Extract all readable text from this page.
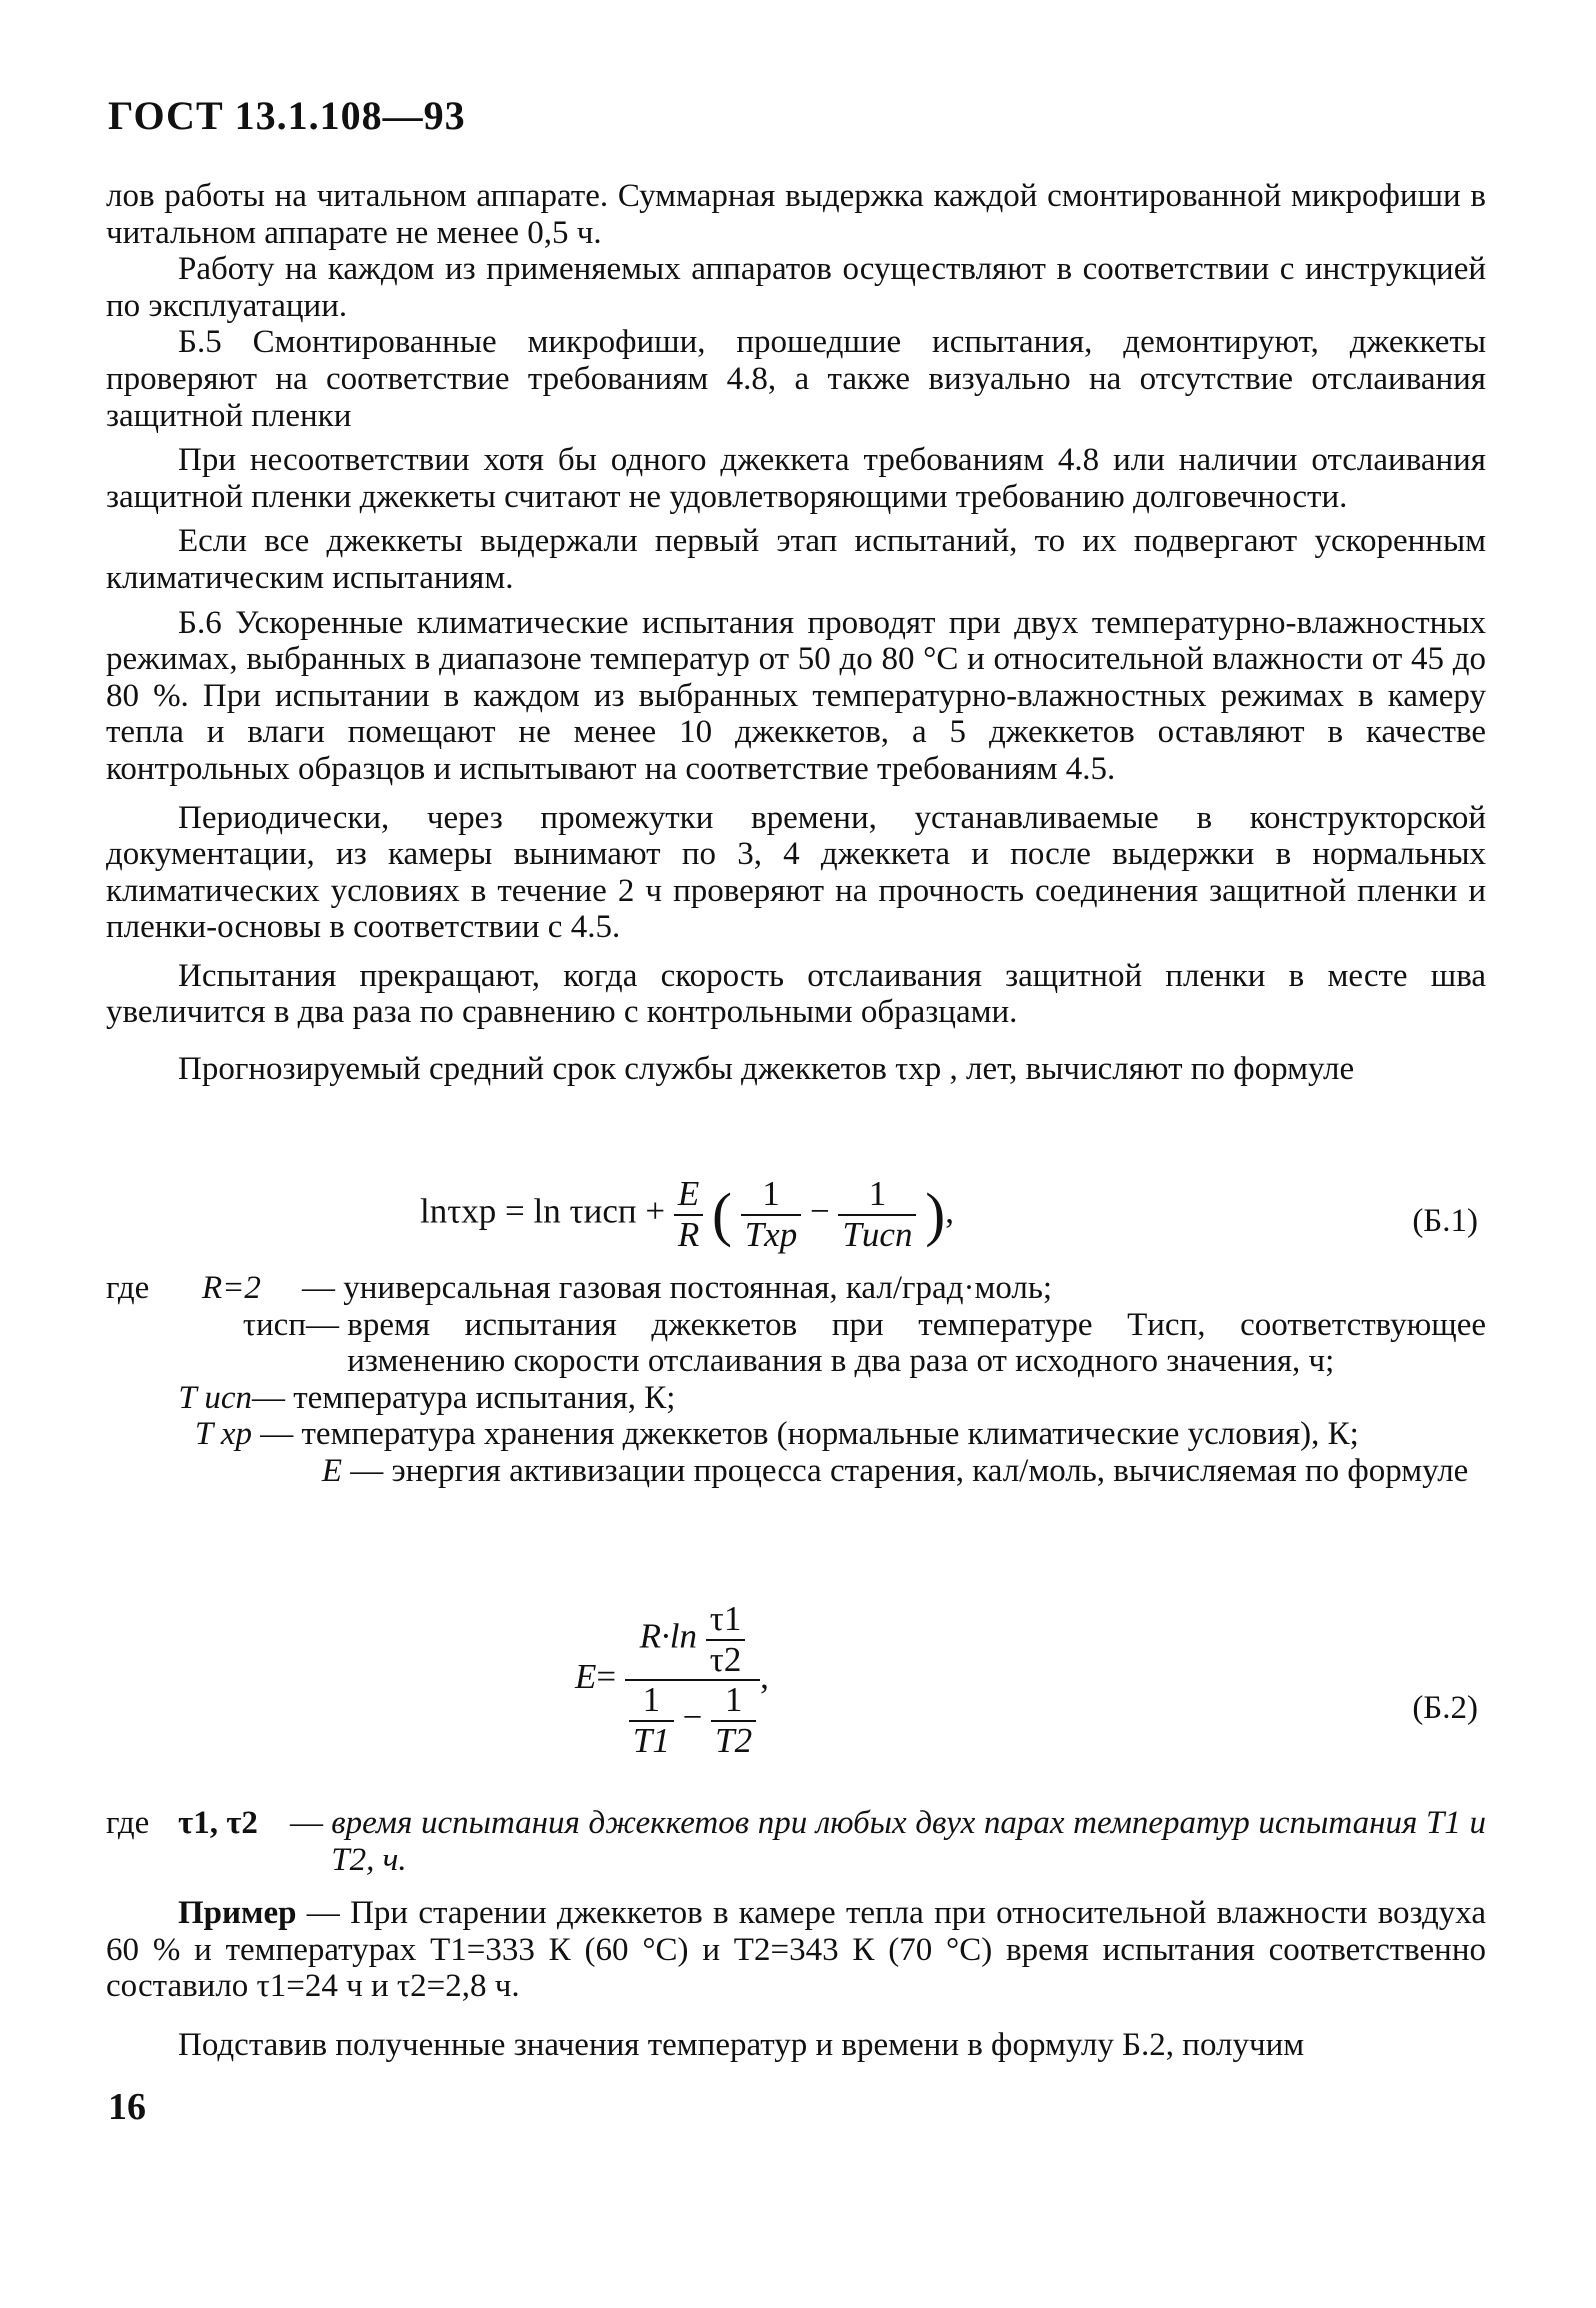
ГОСТ 13.1.108—93

лов работы на читальном аппарате. Суммарная выдержка каждой смонтированной микрофиши в читальном аппарате не менее 0,5 ч.

Работу на каждом из применяемых аппаратов осуществляют в соответствии с инструкцией по эксплуатации.

Б.5 Смонтированные микрофиши, прошедшие испытания, демонтируют, джеккеты проверяют на соответствие требованиям 4.8, а также визуально на отсутствие отслаивания защитной пленки

При несоответствии хотя бы одного джеккета требованиям 4.8 или наличии отслаивания защитной пленки джеккеты считают не удовлетворяющими требованию долговечности.

Если все джеккеты выдержали первый этап испытаний, то их подвергают ускоренным климатическим испытаниям.

Б.6 Ускоренные климатические испытания проводят при двух температурно-влажностных режимах, выбранных в диапазоне температур от 50 до 80 °С и относительной влажности от 45 до 80 %. При испытании в каждом из выбранных температурно-влажностных режимах в камеру тепла и влаги помещают не менее 10 джеккетов, а 5 джеккетов оставляют в качестве контрольных образцов и испытывают на соответствие требованиям 4.5.

Периодически, через промежутки времени, устанавливаемые в конструкторской документации, из камеры вынимают по 3, 4 джеккета и после выдержки в нормальных климатических условиях в течение 2 ч проверяют на прочность соединения защитной пленки и пленки-основы в соответствии с 4.5.

Испытания прекращают, когда скорость отслаивания защитной пленки в месте шва увеличится в два раза по сравнению с контрольными образцами.

Прогнозируемый средний срок службы джеккетов τхр , лет, вычисляют по формуле

$\ln\tau хр = \ln \tau исп + \frac{E}{R}$ ( $\frac{1}{\text{Tхр}} - \frac{1}{\text{Tисп}}$ ),	(Б.1)
где	R=2	— универсальная газовая постоянная, кал/град·моль;
τисп — время испытания джеккетов при температуре Tисп, соответствующее изменению скорости отслаивания в два раза от исходного значения, ч;
T исп — температура испытания, К;
T хр — температура хранения джеккетов (нормальные климатические условия), К;
E — энергия активизации процесса старения, кал/моль, вычисляемая по формуле
E=
$R\cdot\ln \frac{\tau 1}{\tau 2}$
$\frac{1}{T1} - \frac{1}{T2}$
,
(Б.2)
где τ1, τ2 — время испытания джеккетов при любых двух парах температур испытания T1 и T2, ч.

Пример — При старении джеккетов в камере тепла при относительной влажности воздуха 60 % и температурах T1=333 К (60 °С) и T2=343 К (70 °С) время испытания соответственно составило τ1=24 ч и τ2=2,8 ч.

Подставив полученные значения температур и времени в формулу Б.2, получим

16
